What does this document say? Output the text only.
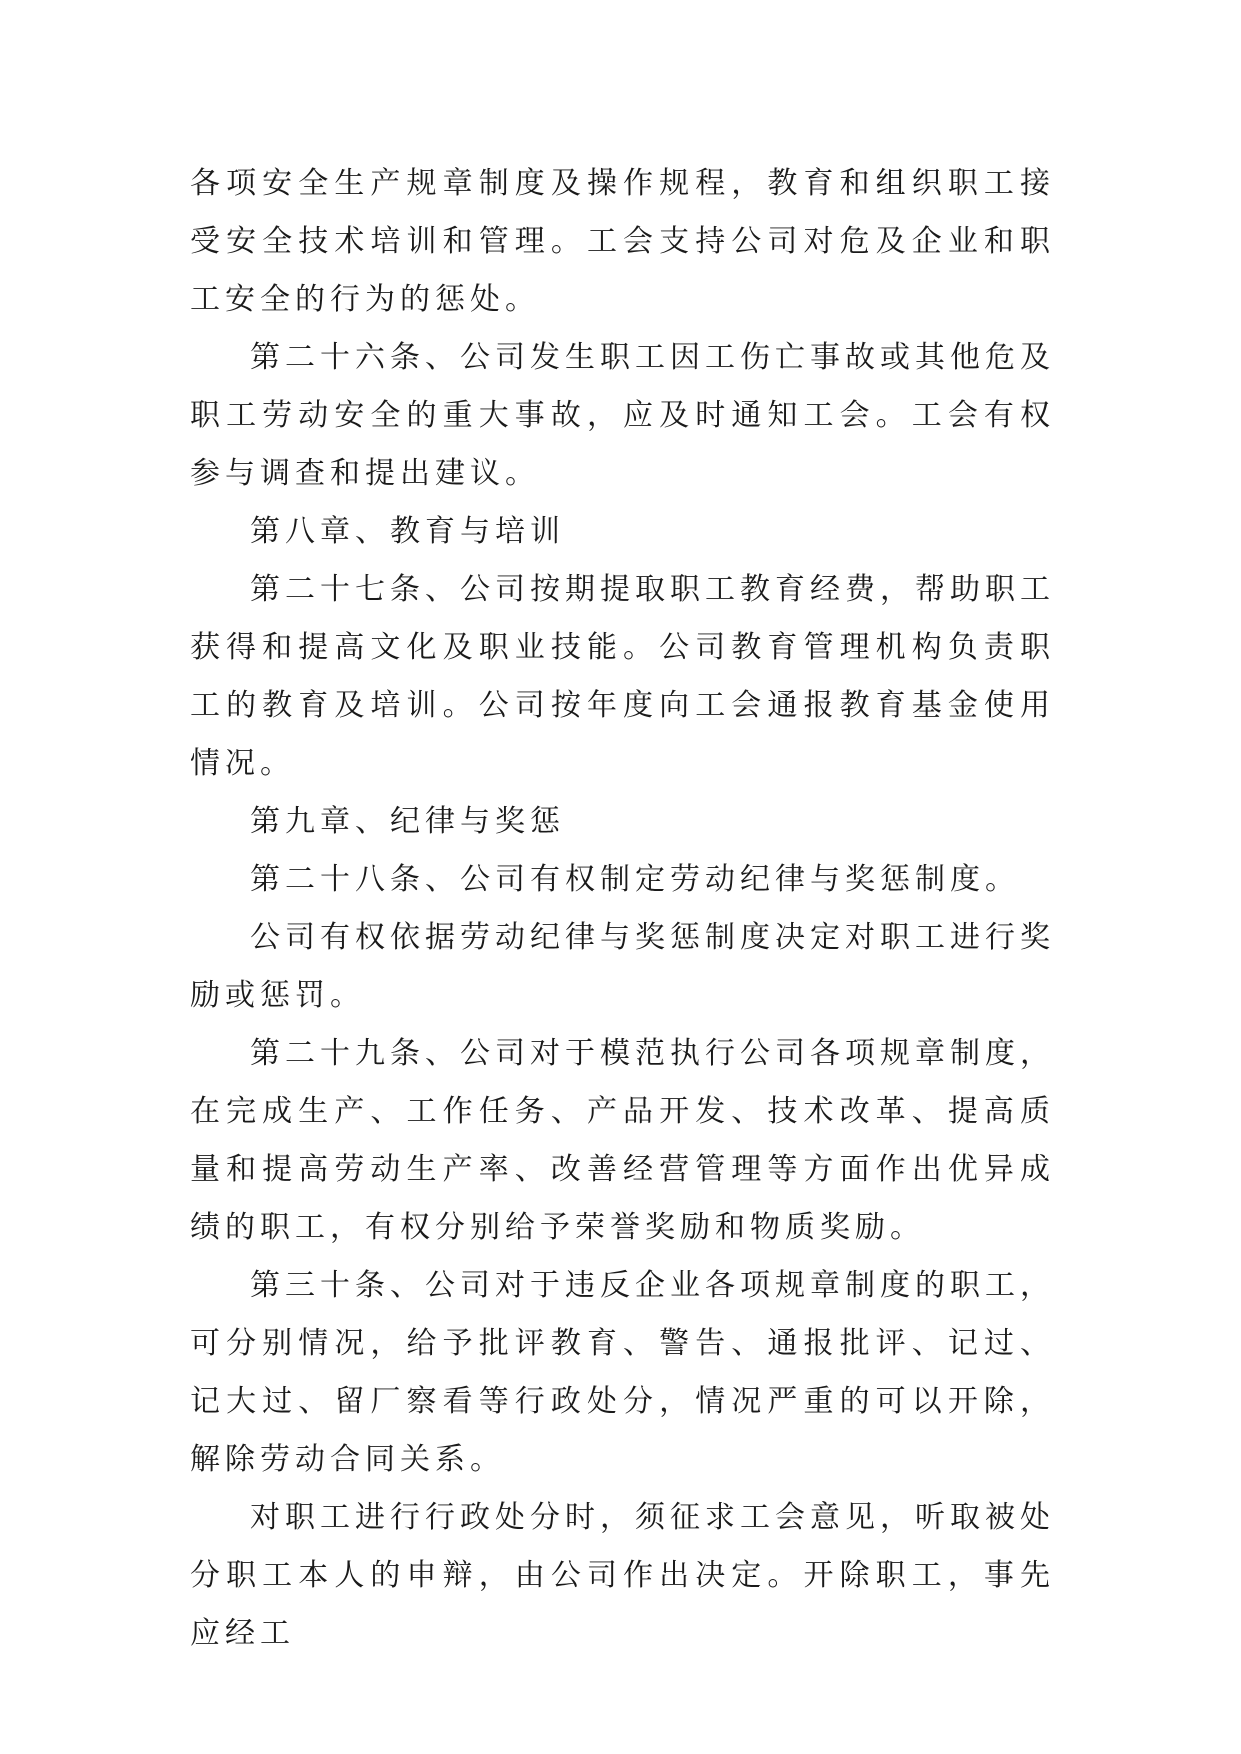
各项安全生产规章制度及操作规程，教育和组织职工接受安全技术培训和管理。工会支持公司对危及企业和职工安全的行为的惩处。

第二十六条、公司发生职工因工伤亡事故或其他危及职工劳动安全的重大事故，应及时通知工会。工会有权参与调查和提出建议。

第八章、教育与培训

第二十七条、公司按期提取职工教育经费，帮助职工获得和提高文化及职业技能。公司教育管理机构负责职工的教育及培训。公司按年度向工会通报教育基金使用情况。

第九章、纪律与奖惩

第二十八条、公司有权制定劳动纪律与奖惩制度。

公司有权依据劳动纪律与奖惩制度决定对职工进行奖励或惩罚。

第二十九条、公司对于模范执行公司各项规章制度，在完成生产、工作任务、产品开发、技术改革、提高质量和提高劳动生产率、改善经营管理等方面作出优异成绩的职工，有权分别给予荣誉奖励和物质奖励。

第三十条、公司对于违反企业各项规章制度的职工，可分别情况，给予批评教育、警告、通报批评、记过、记大过、留厂察看等行政处分，情况严重的可以开除，解除劳动合同关系。

对职工进行行政处分时，须征求工会意见，听取被处分职工本人的申辩，由公司作出决定。开除职工，事先应经工
